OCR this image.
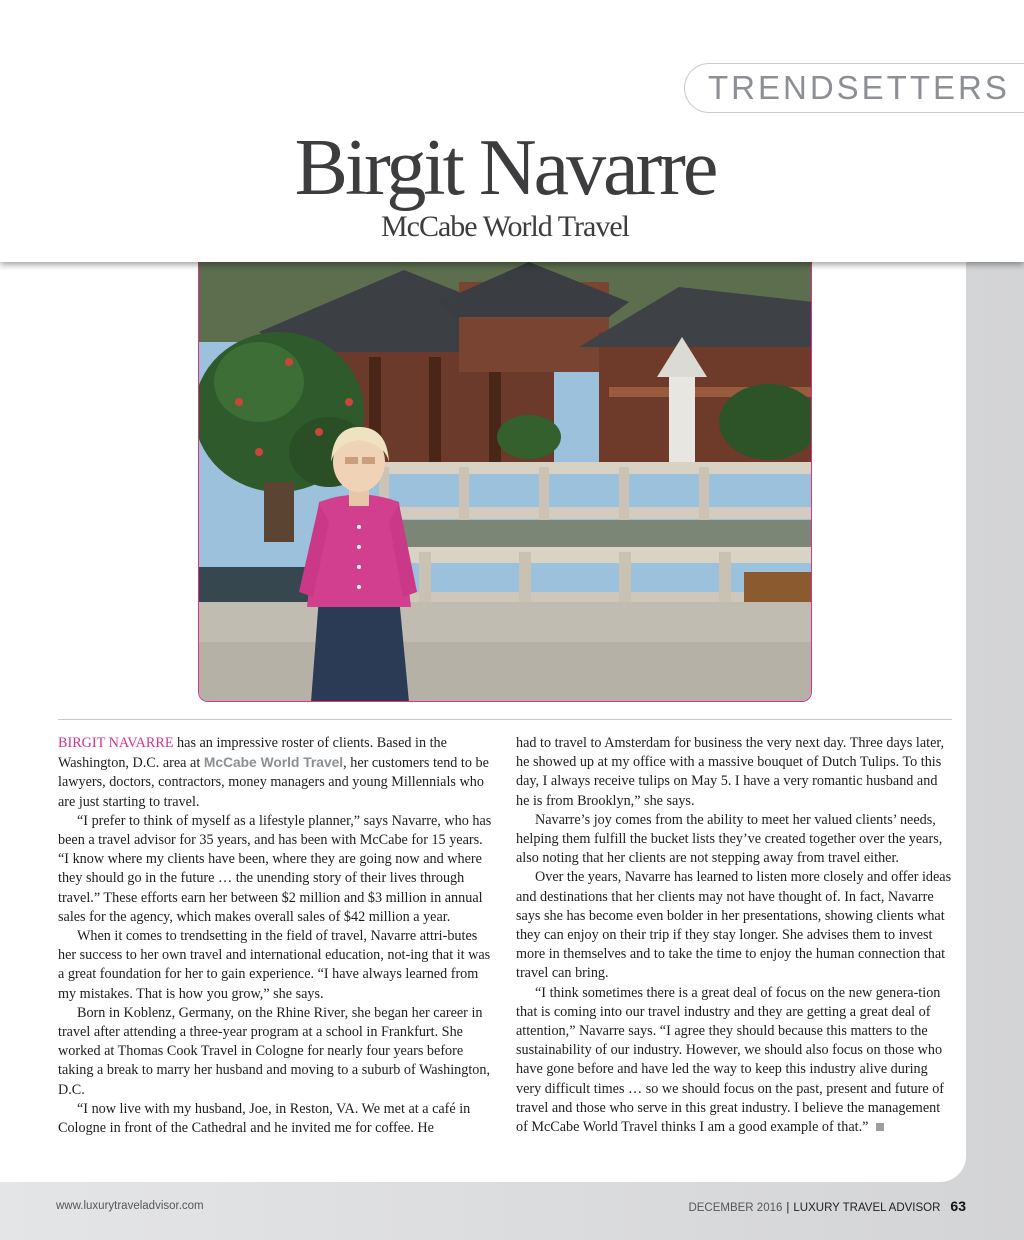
TRENDSETTERS
Birgit Navarre
McCabe World Travel

BIRGIT NAVARRE has an impressive roster of clients. Based in the Washington, D.C. area at McCabe World Travel, her customers tend to be lawyers, doctors, contractors, money managers and young Millennials who are just starting to travel.

“I prefer to think of myself as a lifestyle planner,” says Navarre, who has been a travel advisor for 35 years, and has been with McCabe for 15 years. “I know where my clients have been, where they are going now and where they should go in the future … the unending story of their lives through travel.” These efforts earn her between $2 million and $3 million in annual sales for the agency, which makes overall sales of $42 million a year.

When it comes to trendsetting in the field of travel, Navarre attri-butes her success to her own travel and international education, not-ing that it was a great foundation for her to gain experience. “I have always learned from my mistakes. That is how you grow,” she says.

Born in Koblenz, Germany, on the Rhine River, she began her career in travel after attending a three-year program at a school in Frankfurt. She worked at Thomas Cook Travel in Cologne for nearly four years before taking a break to marry her husband and moving to a suburb of Washington, D.C.

“I now live with my husband, Joe, in Reston, VA. We met at a café in Cologne in front of the Cathedral and he invited me for coffee. He

had to travel to Amsterdam for business the very next day. Three days later, he showed up at my office with a massive bouquet of Dutch Tulips. To this day, I always receive tulips on May 5. I have a very romantic husband and he is from Brooklyn,” she says.

Navarre’s joy comes from the ability to meet her valued clients’ needs, helping them fulfill the bucket lists they’ve created together over the years, also noting that her clients are not stepping away from travel either.

Over the years, Navarre has learned to listen more closely and offer ideas and destinations that her clients may not have thought of. In fact, Navarre says she has become even bolder in her presentations, showing clients what they can enjoy on their trip if they stay longer. She advises them to invest more in themselves and to take the time to enjoy the human connection that travel can bring.

“I think sometimes there is a great deal of focus on the new genera-tion that is coming into our travel industry and they are getting a great deal of attention,” Navarre says. “I agree they should because this matters to the sustainability of our industry. However, we should also focus on those who have gone before and have led the way to keep this industry alive during very difficult times … so we should focus on the past, present and future of travel and those who serve in this great industry. I believe the management of McCabe World Travel thinks I am a good example of that.”

www.luxurytraveladvisor.com	DECEMBER 2016 | LUXURY TRAVEL ADVISOR 63
